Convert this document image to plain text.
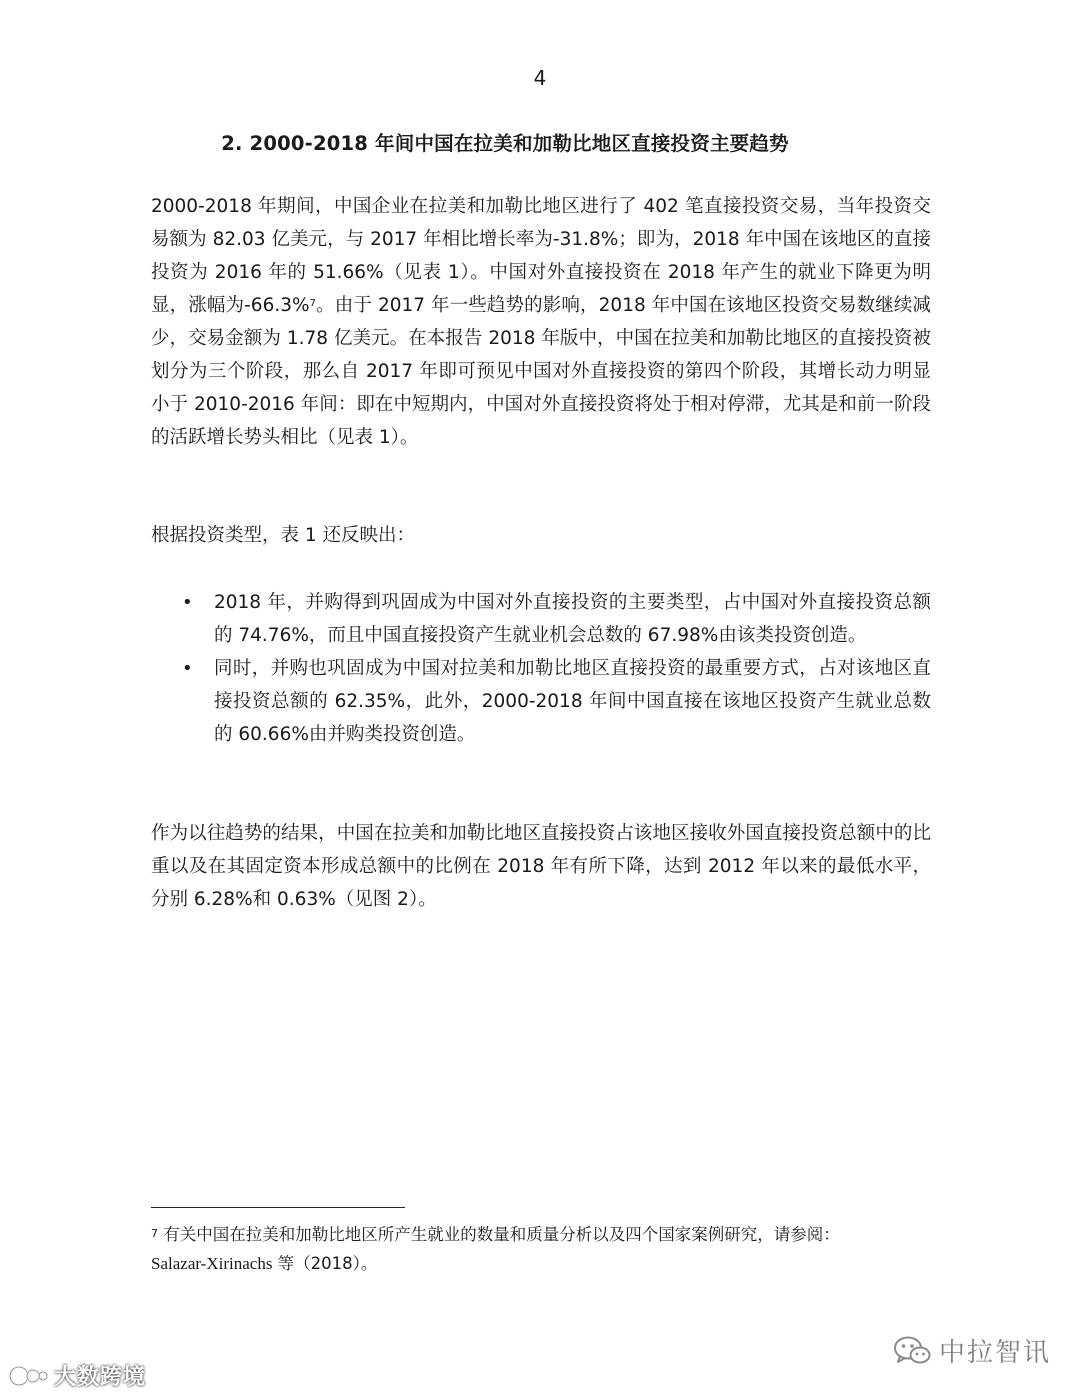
4
2. 2000-2018 年间中国在拉美和加勒比地区直接投资主要趋势

2000-2018 年期间，中国企业在拉美和加勒比地区进行了 402 笔直接投资交易，当年投资交易额为 82.03 亿美元，与 2017 年相比增长率为-31.8%；即为，2018 年中国在该地区的直接投资为 2016 年的 51.66%（见表 1）。中国对外直接投资在 2018 年产生的就业下降更为明显，涨幅为-66.3%$^7$。由于 2017 年一些趋势的影响，2018 年中国在该地区投资交易数继续减少，交易金额为 1.78 亿美元。在本报告 2018 年版中，中国在拉美和加勒比地区的直接投资被划分为三个阶段，那么自 2017 年即可预见中国对外直接投资的第四个阶段，其增长动力明显小于 2010-2016 年间：即在中短期内，中国对外直接投资将处于相对停滞，尤其是和前一阶段的活跃增长势头相比（见表 1）。

根据投资类型，表 1 还反映出：

• 2018 年，并购得到巩固成为中国对外直接投资的主要类型，占中国对外直接投资总额的 74.76%，而且中国直接投资产生就业机会总数的 67.98%由该类投资创造。
• 同时，并购也巩固成为中国对拉美和加勒比地区直接投资的最重要方式，占对该地区直接投资总额的 62.35%，此外，2000-2018 年间中国直接在该地区投资产生就业总数的 60.66%由并购类投资创造。

作为以往趋势的结果，中国在拉美和加勒比地区直接投资占该地区接收外国直接投资总额中的比重以及在其固定资本形成总额中的比例在 2018 年有所下降，达到 2012 年以来的最低水平，分别 6.28%和 0.63%（见图 2）。

$^7$ 有关中国在拉美和加勒比地区所产生就业的数量和质量分析以及四个国家案例研究，请参阅：
Salazar-Xirinachs 等（2018）。
中拉智讯
大数跨境
